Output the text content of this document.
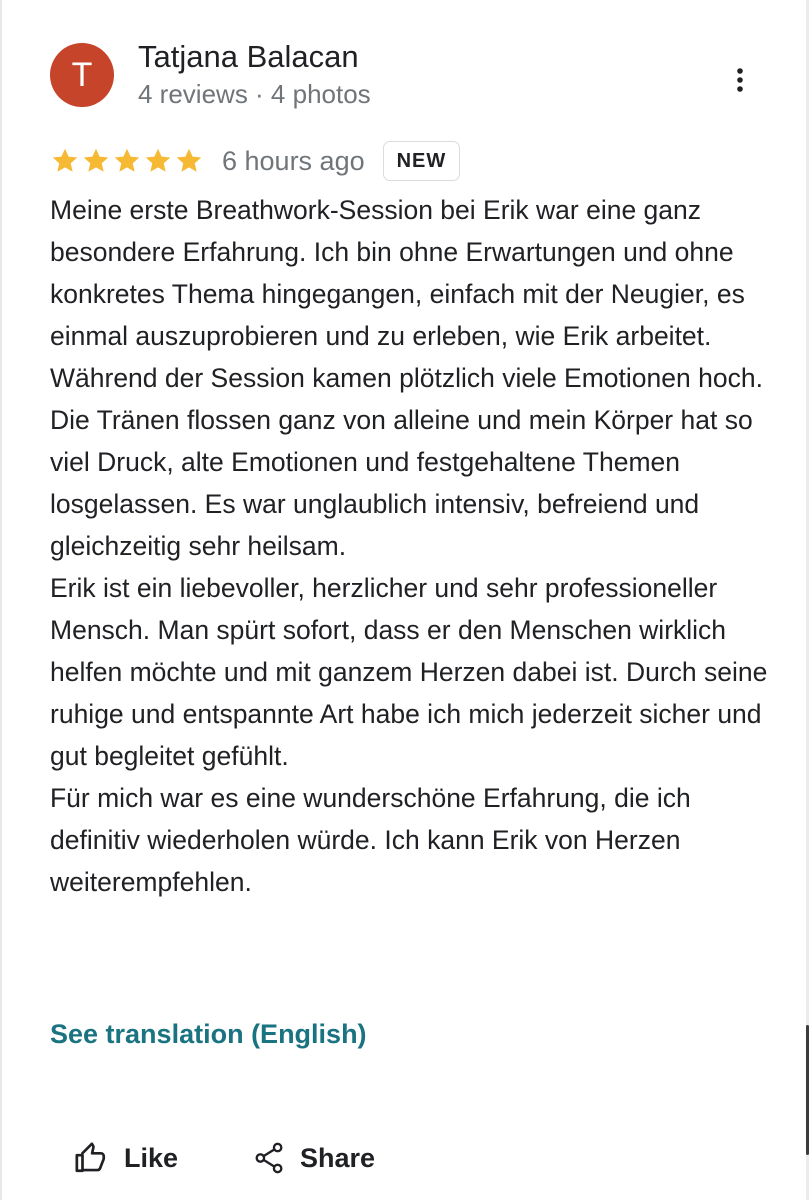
T	Tatjana Balacan
4 reviews · 4 photos
6 hours ago	NEW

Meine erste Breathwork-Session bei Erik war eine ganz besondere Erfahrung. Ich bin ohne Erwartungen und ohne konkretes Thema hingegangen, einfach mit der Neugier, es einmal auszuprobieren und zu erleben, wie Erik arbeitet.
Während der Session kamen plötzlich viele Emotionen hoch. Die Tränen flossen ganz von alleine und mein Körper hat so viel Druck, alte Emotionen und festgehaltene Themen losgelassen. Es war unglaublich intensiv, befreiend und gleichzeitig sehr heilsam.
Erik ist ein liebevoller, herzlicher und sehr professioneller Mensch. Man spürt sofort, dass er den Menschen wirklich helfen möchte und mit ganzem Herzen dabei ist. Durch seine ruhige und entspannte Art habe ich mich jederzeit sicher und gut begleitet gefühlt.
Für mich war es eine wunderschöne Erfahrung, die ich definitiv wiederholen würde. Ich kann Erik von Herzen weiterempfehlen.

See translation (English)
Like	Share
